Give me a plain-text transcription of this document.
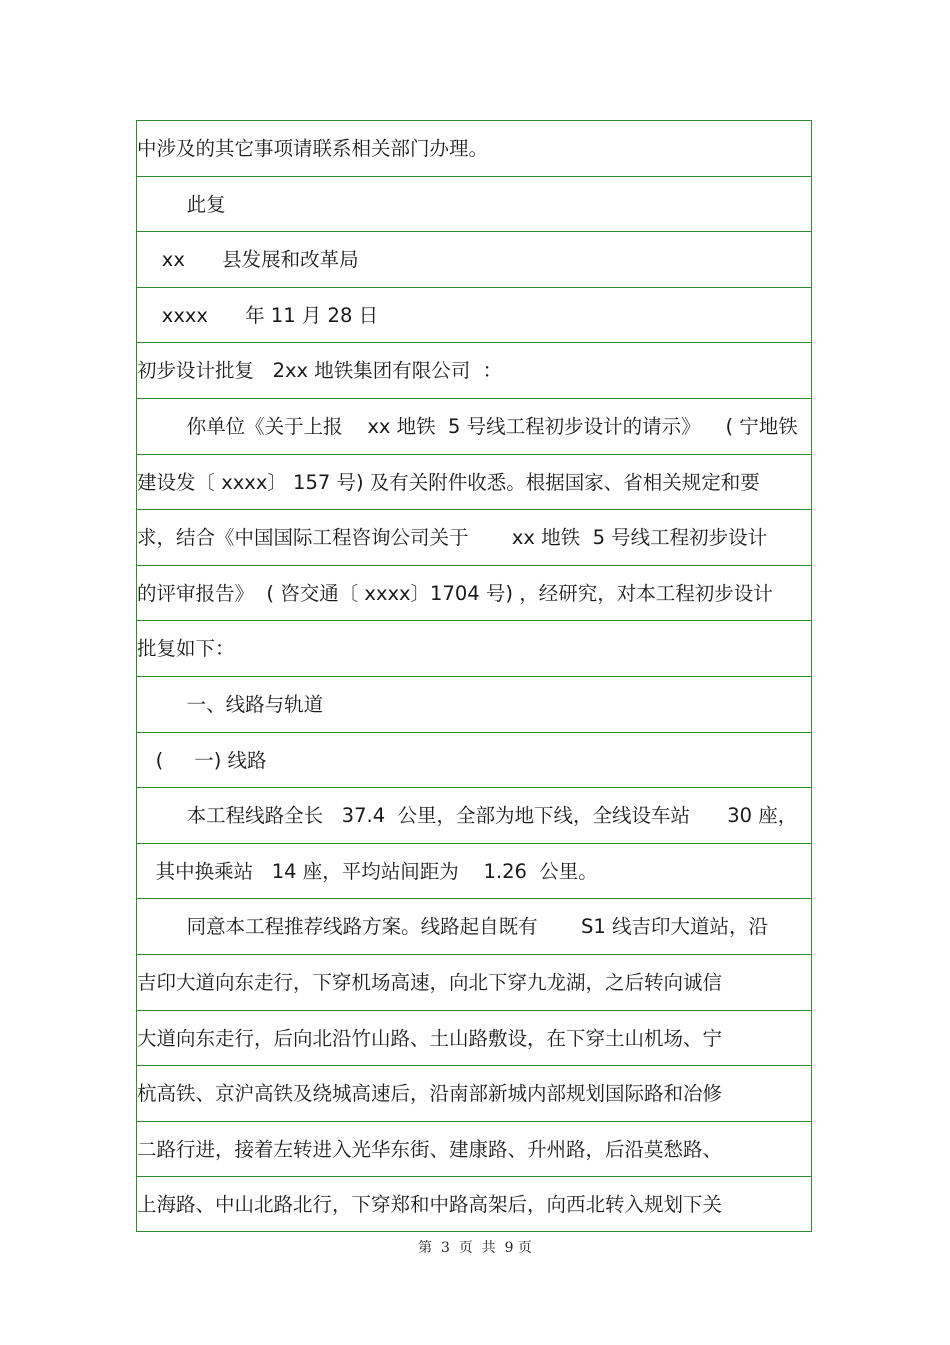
中涉及的其它事项请联系相关部门办理。
此复
xx      县发展和改革局
xxxx      年 11 月 28 日
初步设计批复   2xx 地铁集团有限公司  ：
你单位《关于上报    xx 地铁  5 号线工程初步设计的请示》    ( 宁地铁
建设发〔 xxxx〕 157 号) 及有关附件收悉。根据国家、省相关规定和要
求，结合《中国国际工程咨询公司关于       xx 地铁  5 号线工程初步设计
的评审报告》  ( 咨交通〔 xxxx〕1704 号) ，经研究，对本工程初步设计
批复如下：
一、线路与轨道
(     一) 线路
本工程线路全长   37.4  公里，全部为地下线，全线设车站      30 座，
其中换乘站   14 座，平均站间距为    1.26  公里。
同意本工程推荐线路方案。线路起自既有       S1 线吉印大道站，沿
吉印大道向东走行，下穿机场高速，向北下穿九龙湖，之后转向诚信
大道向东走行，后向北沿竹山路、土山路敷设，在下穿土山机场、宁
杭高铁、京沪高铁及绕城高速后，沿南部新城内部规划国际路和冶修
二路行进，接着左转进入光华东街、建康路、升州路，后沿莫愁路、
上海路、中山北路北行，下穿郑和中路高架后，向西北转入规划下关
第  3  页  共  9 页
